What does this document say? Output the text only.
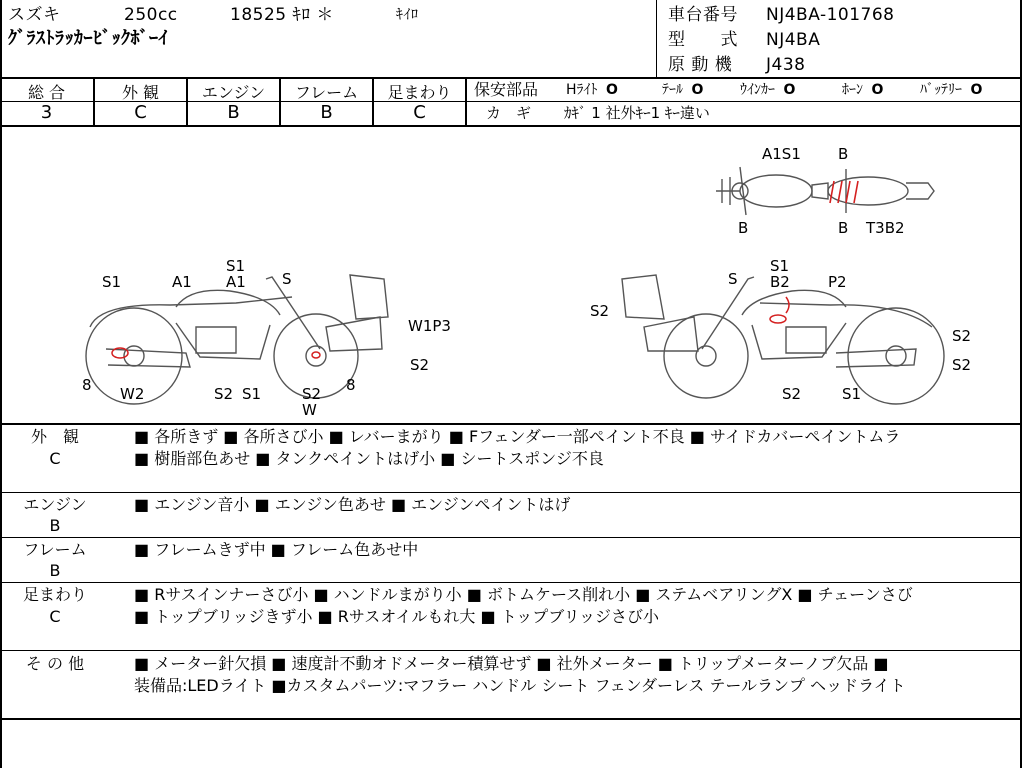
スズキ	250cc	18525 ｷﾛ ＊	ｷｲﾛ
ｸﾞﾗｽﾄﾗｯｶｰﾋﾞｯｸﾎﾞｰｲ
車台番号 NJ4BA-101768
型　　式 NJ4BA
原 動 機 J438
総 合	外 観	エンジン	フレーム	足まわり
3	C	B	B	C
保安部品 Hﾗｲﾄ O	ﾃｰﾙ O	ｳｲﾝｶｰ O	ﾎｰﾝ O	ﾊﾞｯﾃﾘｰ O
カ　ギ ｶｷﾞ 1 社外ｷｰ1 ｷｰ違い
A1S1 B
B	B T3B2
S1	A1
S1
A1 S
W1P3
S2
8 W2	S2 S1	S2
W
8
S1
S B2	P2
S2
S2
S2
S2	S1
外　観
C
■ 各所きず ■ 各所さび小 ■ レバーまがり ■ Fフェンダー一部ペイント不良 ■ サイドカバーペイントムラ
■ 樹脂部色あせ ■ タンクペイントはげ小 ■ シートスポンジ不良
エンジン
B
■ エンジン音小 ■ エンジン色あせ ■ エンジンペイントはげ
フレーム
B
■ フレームきず中 ■ フレーム色あせ中
足まわり
C
■ Rサスインナーさび小 ■ ハンドルまがり小 ■ ボトムケース削れ小 ■ ステムベアリングX ■ チェーンさび
■ トップブリッジきず小 ■ Rサスオイルもれ大 ■ トップブリッジさび小
そ の 他	■ メーター針欠損 ■ 速度計不動オドメーター積算せず ■ 社外メーター ■ トリップメーターノブ欠品 ■
装備品:LEDライト ■カスタムパーツ:マフラー ハンドル シート フェンダーレス テールランプ ヘッドライト
